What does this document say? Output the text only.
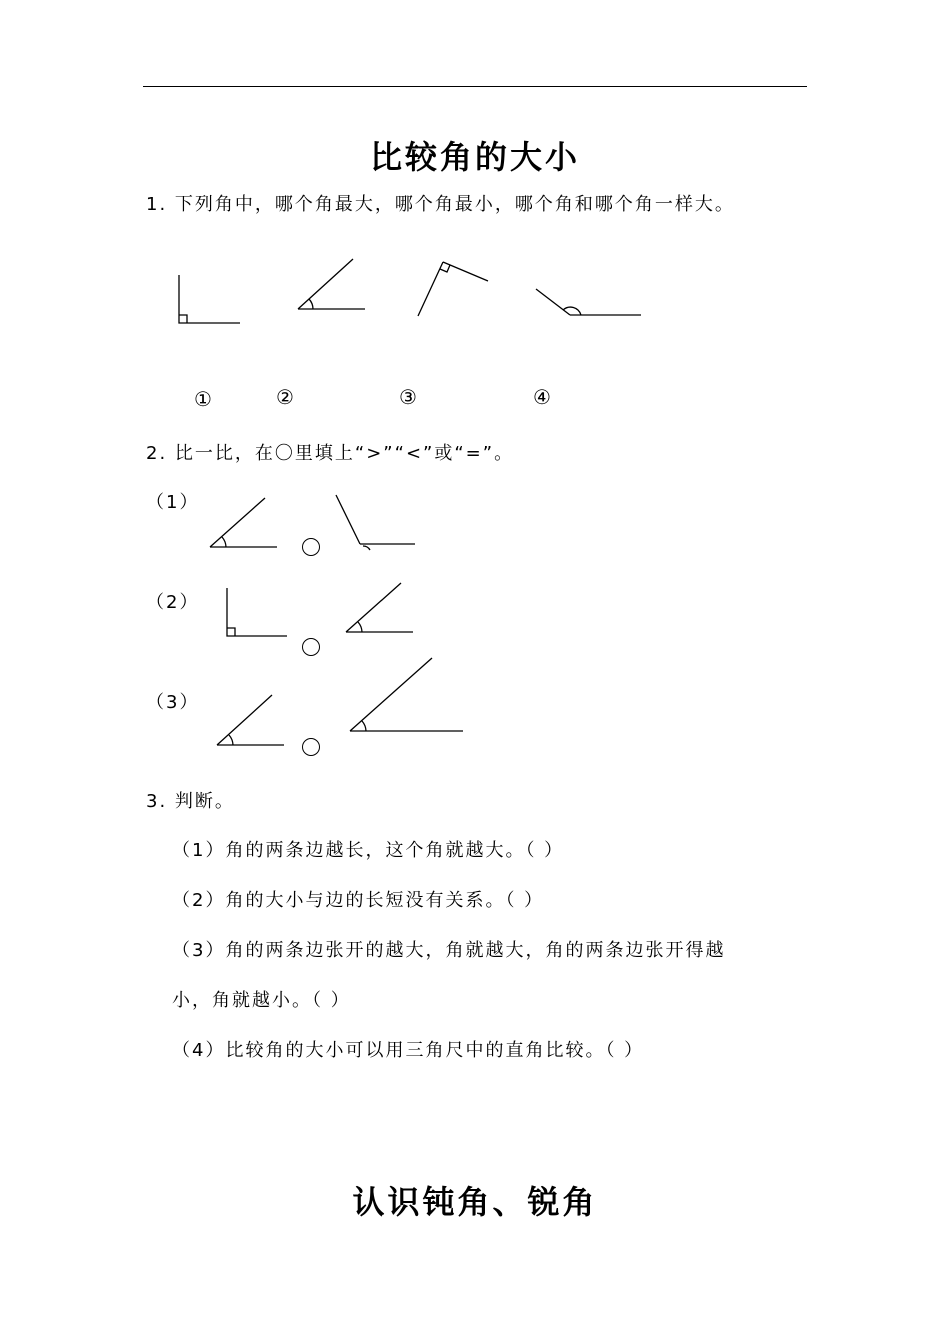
比较角的大小
1. 下列角中，哪个角最大，哪个角最小，哪个角和哪个角一样大。
①	②	③	④
2. 比一比，在〇里填上“>”“<”或“=”。
（1）
（2）
（3）
3. 判断。
（1）角的两条边越长，这个角就越大。（ ）
（2）角的大小与边的长短没有关系。（ ）
（3）角的两条边张开的越大，角就越大，角的两条边张开得越
小，角就越小。（ ）
（4）比较角的大小可以用三角尺中的直角比较。（ ）
认识钝角、锐角
